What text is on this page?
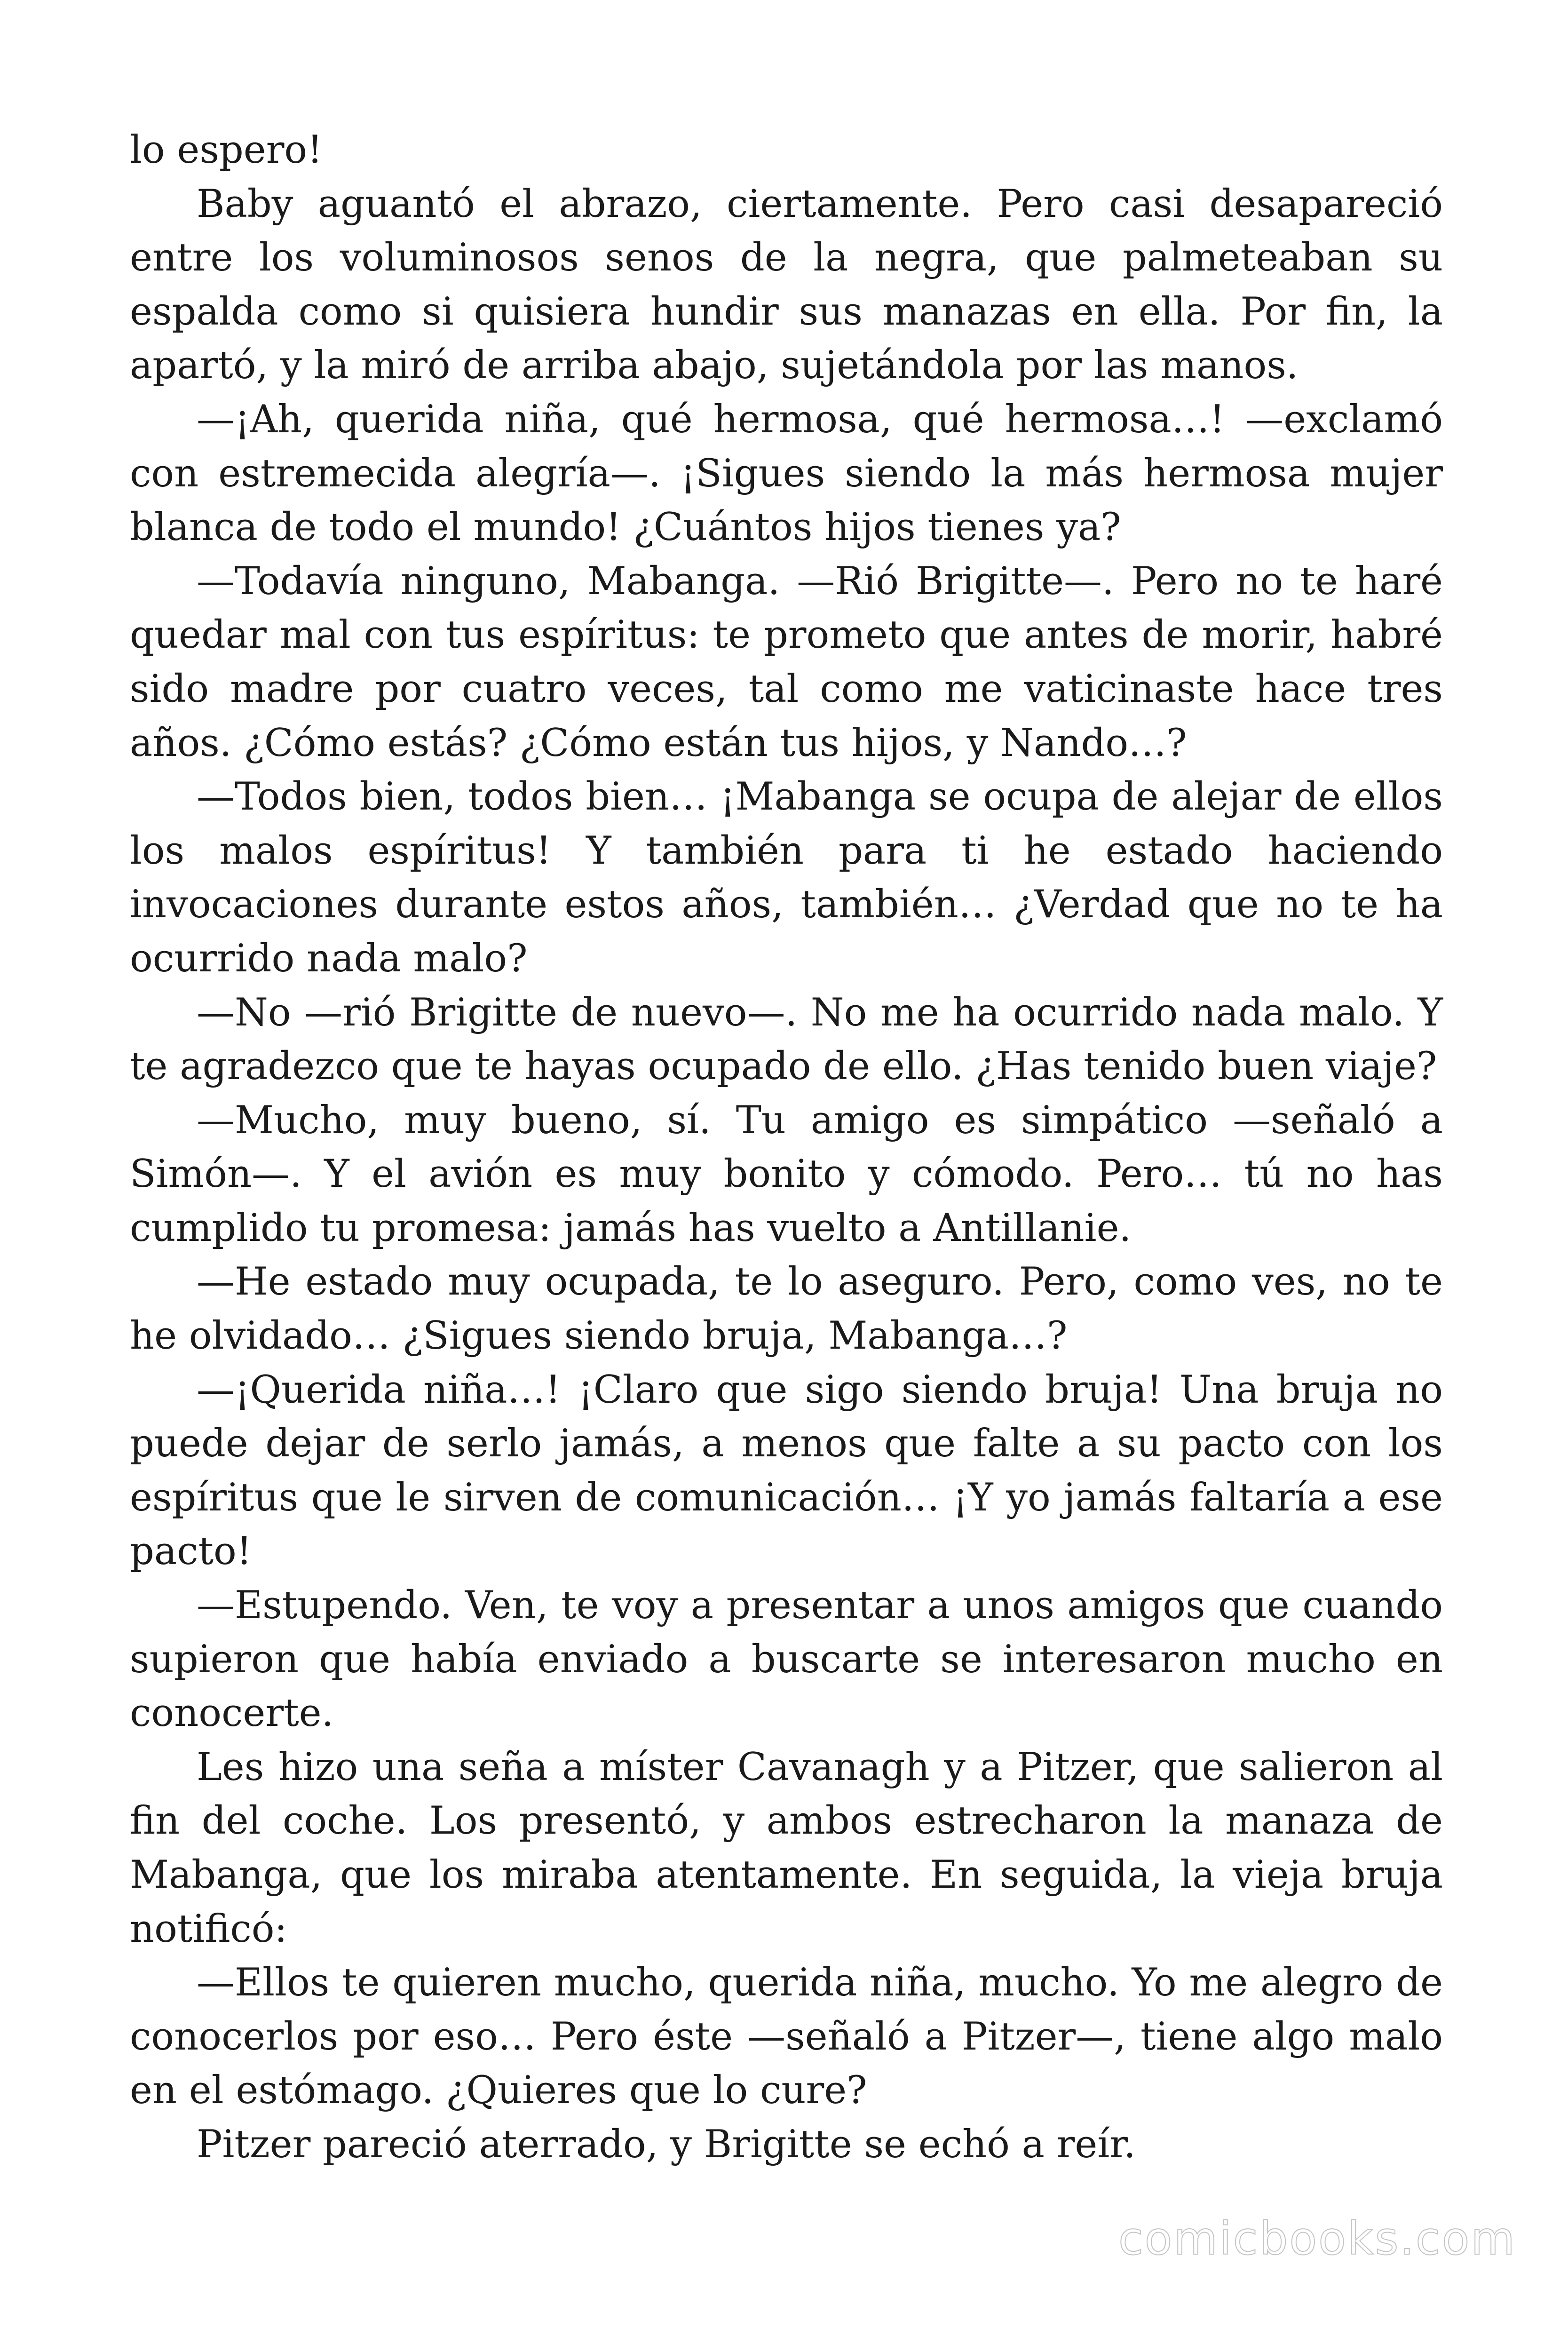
lo espero!

Baby aguantó el abrazo, ciertamente. Pero casi desapareció entre los voluminosos senos de la negra, que palmeteaban su espalda como si quisiera hundir sus manazas en ella. Por fin, la apartó, y la miró de arriba abajo, sujetándola por las manos.

—¡Ah, querida niña, qué hermosa, qué hermosa…! —exclamó con estremecida alegría—. ¡Sigues siendo la más hermosa mujer blanca de todo el mundo! ¿Cuántos hijos tienes ya?

—Todavía ninguno, Mabanga. —Rió Brigitte—. Pero no te haré quedar mal con tus espíritus: te prometo que antes de morir, habré sido madre por cuatro veces, tal como me vaticinaste hace tres años. ¿Cómo estás? ¿Cómo están tus hijos, y Nando…?

—Todos bien, todos bien… ¡Mabanga se ocupa de alejar de ellos los malos espíritus! Y también para ti he estado haciendo invocaciones durante estos años, también… ¿Verdad que no te ha ocurrido nada malo?

—No —rió Brigitte de nuevo—. No me ha ocurrido nada malo. Y te agradezco que te hayas ocupado de ello. ¿Has tenido buen viaje?

—Mucho, muy bueno, sí. Tu amigo es simpático —señaló a Simón—. Y el avión es muy bonito y cómodo. Pero… tú no has cumplido tu promesa: jamás has vuelto a Antillanie.

—He estado muy ocupada, te lo aseguro. Pero, como ves, no te he olvidado… ¿Sigues siendo bruja, Mabanga…?

—¡Querida niña…! ¡Claro que sigo siendo bruja! Una bruja no puede dejar de serlo jamás, a menos que falte a su pacto con los espíritus que le sirven de comunicación… ¡Y yo jamás faltaría a ese pacto!

—Estupendo. Ven, te voy a presentar a unos amigos que cuando supieron que había enviado a buscarte se interesaron mucho en conocerte.

Les hizo una seña a míster Cavanagh y a Pitzer, que salieron al fin del coche. Los presentó, y ambos estrecharon la manaza de Mabanga, que los miraba atentamente. En seguida, la vieja bruja notificó:

—Ellos te quieren mucho, querida niña, mucho. Yo me alegro de conocerlos por eso… Pero éste —señaló a Pitzer—, tiene algo malo en el estómago. ¿Quieres que lo cure?

Pitzer pareció aterrado, y Brigitte se echó a reír.

comicbooks.com
